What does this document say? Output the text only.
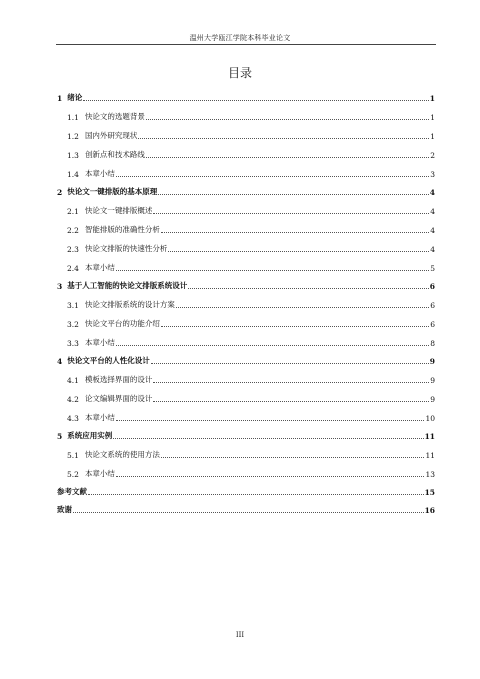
温州大学瓯江学院本科毕业论文
目录
1 绪论	1
1.1 快论文的选题背景	1
1.2 国内外研究现状	1
1.3 创新点和技术路线	2
1.4 本章小结	3
2 快论文一键排版的基本原理	4
2.1 快论文一键排版概述	4
2.2 智能排版的准确性分析	4
2.3 快论文排版的快速性分析	4
2.4 本章小结	5
3 基于人工智能的快论文排版系统设计	6
3.1 快论文排版系统的设计方案	6
3.2 快论文平台的功能介绍	6
3.3 本章小结	8
4 快论文平台的人性化设计	9
4.1 模板选择界面的设计	9
4.2 论文编辑界面的设计	9
4.3 本章小结	10
5 系统应用实例	11
5.1 快论文系统的使用方法	11
5.2 本章小结	13
参考文献	15
致谢	16
III
